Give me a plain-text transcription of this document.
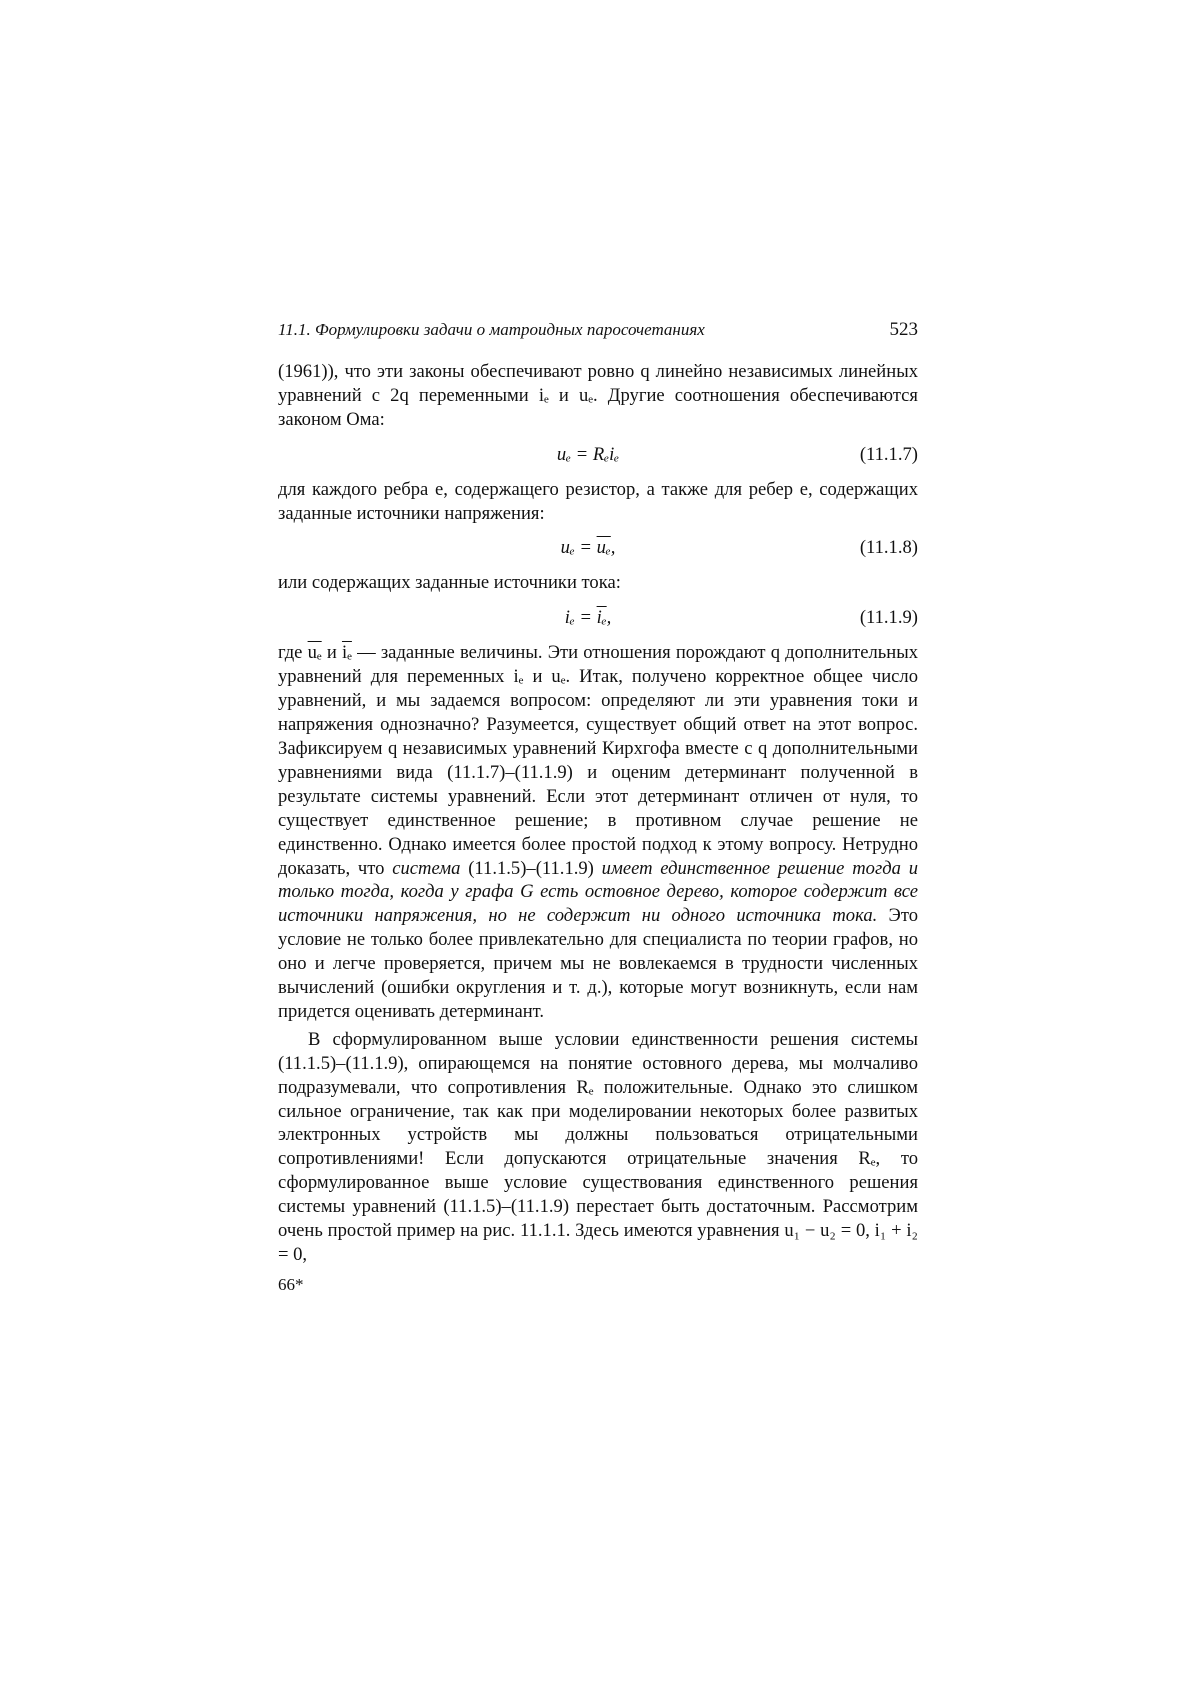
11.1. Формулировки задачи о матроидных паросочетаниях	523

(1961)), что эти законы обеспечивают ровно q линейно независимых линейных уравнений с 2q переменными iₑ и uₑ. Другие соотношения обеспечиваются законом Ома:

uₑ = Rₑiₑ	(11.1.7)

для каждого ребра e, содержащего резистор, а также для ребер e, содержащих заданные источники напряжения:

$u_e = \overline{u_e}$,	(11.1.8)

или содержащих заданные источники тока:

$i_e = \overline{i_e}$,	(11.1.9)

где $\overline{u_e}$ и $\overline{i_e}$ — заданные величины. Эти отношения порождают q дополнительных уравнений для переменных iₑ и uₑ. Итак, получено корректное общее число уравнений, и мы задаемся вопросом: определяют ли эти уравнения токи и напряжения однозначно? Разумеется, существует общий ответ на этот вопрос. Зафиксируем q независимых уравнений Кирхгофа вместе с q дополнительными уравнениями вида (11.1.7)–(11.1.9) и оценим детерминант полученной в результате системы уравнений. Если этот детерминант отличен от нуля, то существует единственное решение; в противном случае решение не единственно. Однако имеется более простой подход к этому вопросу. Нетрудно доказать, что система (11.1.5)–(11.1.9) имеет единственное решение тогда и только тогда, когда у графа G есть остовное дерево, которое содержит все источники напряжения, но не содержит ни одного источника тока. Это условие не только более привлекательно для специалиста по теории графов, но оно и легче проверяется, причем мы не вовлекаемся в трудности численных вычислений (ошибки округления и т. д.), которые могут возникнуть, если нам придется оценивать детерминант.

В сформулированном выше условии единственности решения системы (11.1.5)–(11.1.9), опирающемся на понятие остовного дерева, мы молчаливо подразумевали, что сопротивления Rₑ положительные. Однако это слишком сильное ограничение, так как при моделировании некоторых более развитых электронных устройств мы должны пользоваться отрицательными сопротивлениями! Если допускаются отрицательные значения Rₑ, то сформулированное выше условие существования единственного решения системы уравнений (11.1.5)–(11.1.9) перестает быть достаточным. Рассмотрим очень простой пример на рис. 11.1.1. Здесь имеются уравнения u₁ − u₂ = 0, i₁ + i₂ = 0,

66*
